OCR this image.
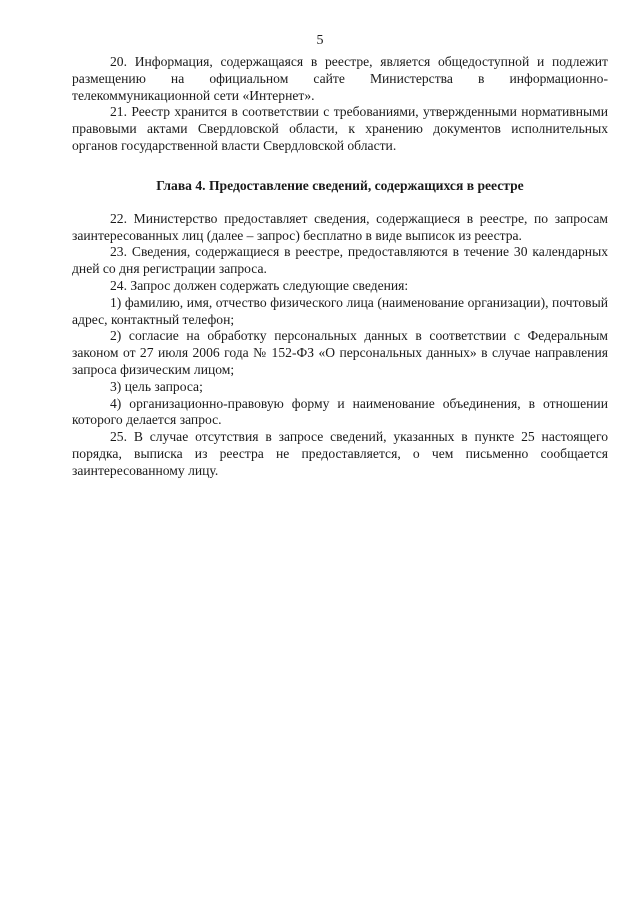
5

20. Информация, содержащаяся в реестре, является общедоступной и подлежит размещению на официальном сайте Министерства в информационно-телекоммуникационной сети «Интернет».

21. Реестр хранится в соответствии с требованиями, утвержденными нормативными правовыми актами Свердловской области, к хранению документов исполнительных органов государственной власти Свердловской области.

Глава 4. Предоставление сведений, содержащихся в реестре

22. Министерство предоставляет сведения, содержащиеся в реестре, по запросам заинтересованных лиц (далее – запрос) бесплатно в виде выписок из реестра.

23. Сведения, содержащиеся в реестре, предоставляются в течение 30 календарных дней со дня регистрации запроса.

24. Запрос должен содержать следующие сведения:

1) фамилию, имя, отчество физического лица (наименование организации), почтовый адрес, контактный телефон;

2) согласие на обработку персональных данных в соответствии с Федеральным законом от 27 июля 2006 года № 152-ФЗ «О персональных данных» в случае направления запроса физическим лицом;

3) цель запроса;

4) организационно-правовую форму и наименование объединения, в отношении которого делается запрос.

25. В случае отсутствия в запросе сведений, указанных в пункте 25 настоящего порядка, выписка из реестра не предоставляется, о чем письменно сообщается заинтересованному лицу.
